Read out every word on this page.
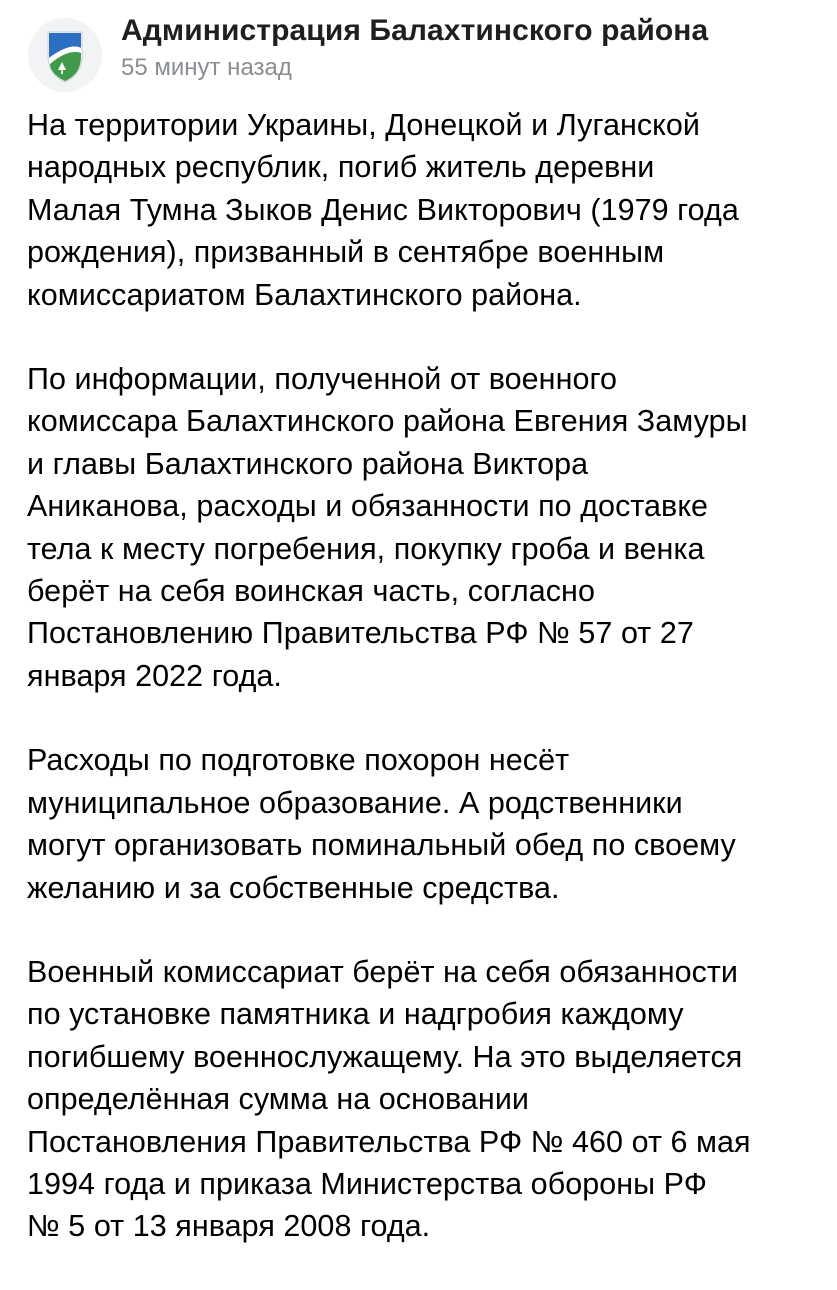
Администрация Балахтинского района
55 минут назад

На территории Украины, Донецкой и Луганской
народных республик, погиб житель деревни
Малая Тумна Зыков Денис Викторович (1979 года
рождения), призванный в сентябре военным
комиссариатом Балахтинского района.

По информации, полученной от военного
комиссара Балахтинского района Евгения Замуры
и главы Балахтинского района Виктора
Аниканова, расходы и обязанности по доставке
тела к месту погребения, покупку гроба и венка
берёт на себя воинская часть, согласно
Постановлению Правительства РФ № 57 от 27
января 2022 года.

Расходы по подготовке похорон несёт
муниципальное образование. А родственники
могут организовать поминальный обед по своему
желанию и за собственные средства.

Военный комиссариат берёт на себя обязанности
по установке памятника и надгробия каждому
погибшему военнослужащему. На это выделяется
определённая сумма на основании
Постановления Правительства РФ № 460 от 6 мая
1994 года и приказа Министерства обороны РФ
№ 5 от 13 января 2008 года.
